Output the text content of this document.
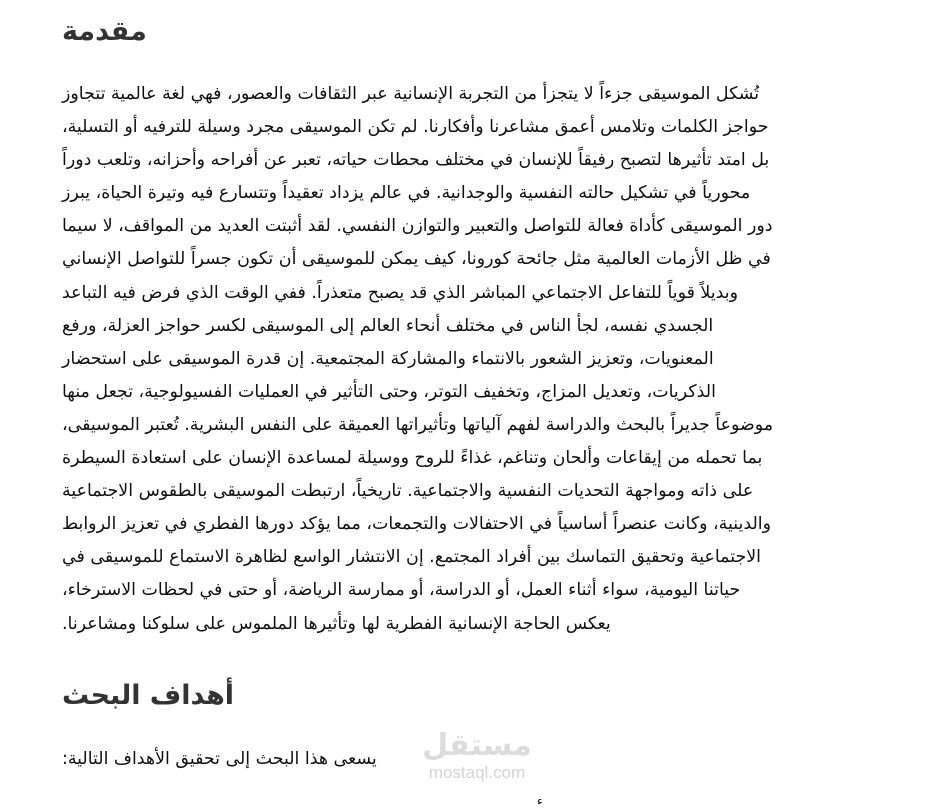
مقدمة
تُشكل الموسيقى جزءاً لا يتجزأ من التجربة الإنسانية عبر الثقافات والعصور، فهي لغة عالمية تتجاوز
حواجز الكلمات وتلامس أعمق مشاعرنا وأفكارنا. لم تكن الموسيقى مجرد وسيلة للترفيه أو التسلية،
بل امتد تأثيرها لتصبح رفيقاً للإنسان في مختلف محطات حياته، تعبر عن أفراحه وأحزانه، وتلعب دوراً
محورياً في تشكيل حالته النفسية والوجدانية. في عالم يزداد تعقيداً وتتسارع فيه وتيرة الحياة، يبرز
دور الموسيقى كأداة فعالة للتواصل والتعبير والتوازن النفسي. لقد أثبتت العديد من المواقف، لا سيما
في ظل الأزمات العالمية مثل جائحة كورونا، كيف يمكن للموسيقى أن تكون جسراً للتواصل الإنساني
وبديلاً قوياً للتفاعل الاجتماعي المباشر الذي قد يصبح متعذراً. ففي الوقت الذي فرض فيه التباعد
الجسدي نفسه، لجأ الناس في مختلف أنحاء العالم إلى الموسيقى لكسر حواجز العزلة، ورفع
المعنويات، وتعزيز الشعور بالانتماء والمشاركة المجتمعية. إن قدرة الموسيقى على استحضار
الذكريات، وتعديل المزاج، وتخفيف التوتر، وحتى التأثير في العمليات الفسيولوجية، تجعل منها
موضوعاً جديراً بالبحث والدراسة لفهم آلياتها وتأثيراتها العميقة على النفس البشرية. تُعتبر الموسيقى،
بما تحمله من إيقاعات وألحان وتناغم، غذاءً للروح ووسيلة لمساعدة الإنسان على استعادة السيطرة
على ذاته ومواجهة التحديات النفسية والاجتماعية. تاريخياً، ارتبطت الموسيقى بالطقوس الاجتماعية
والدينية، وكانت عنصراً أساسياً في الاحتفالات والتجمعات، مما يؤكد دورها الفطري في تعزيز الروابط
الاجتماعية وتحقيق التماسك بين أفراد المجتمع. إن الانتشار الواسع لظاهرة الاستماع للموسيقى في
حياتنا اليومية، سواء أثناء العمل، أو الدراسة، أو ممارسة الرياضة، أو حتى في لحظات الاسترخاء،
يعكس الحاجة الإنسانية الفطرية لها وتأثيرها الملموس على سلوكنا ومشاعرنا.
أهداف البحث

يسعى هذا البحث إلى تحقيق الأهداف التالية: مستقل
mostaql.com
ء
